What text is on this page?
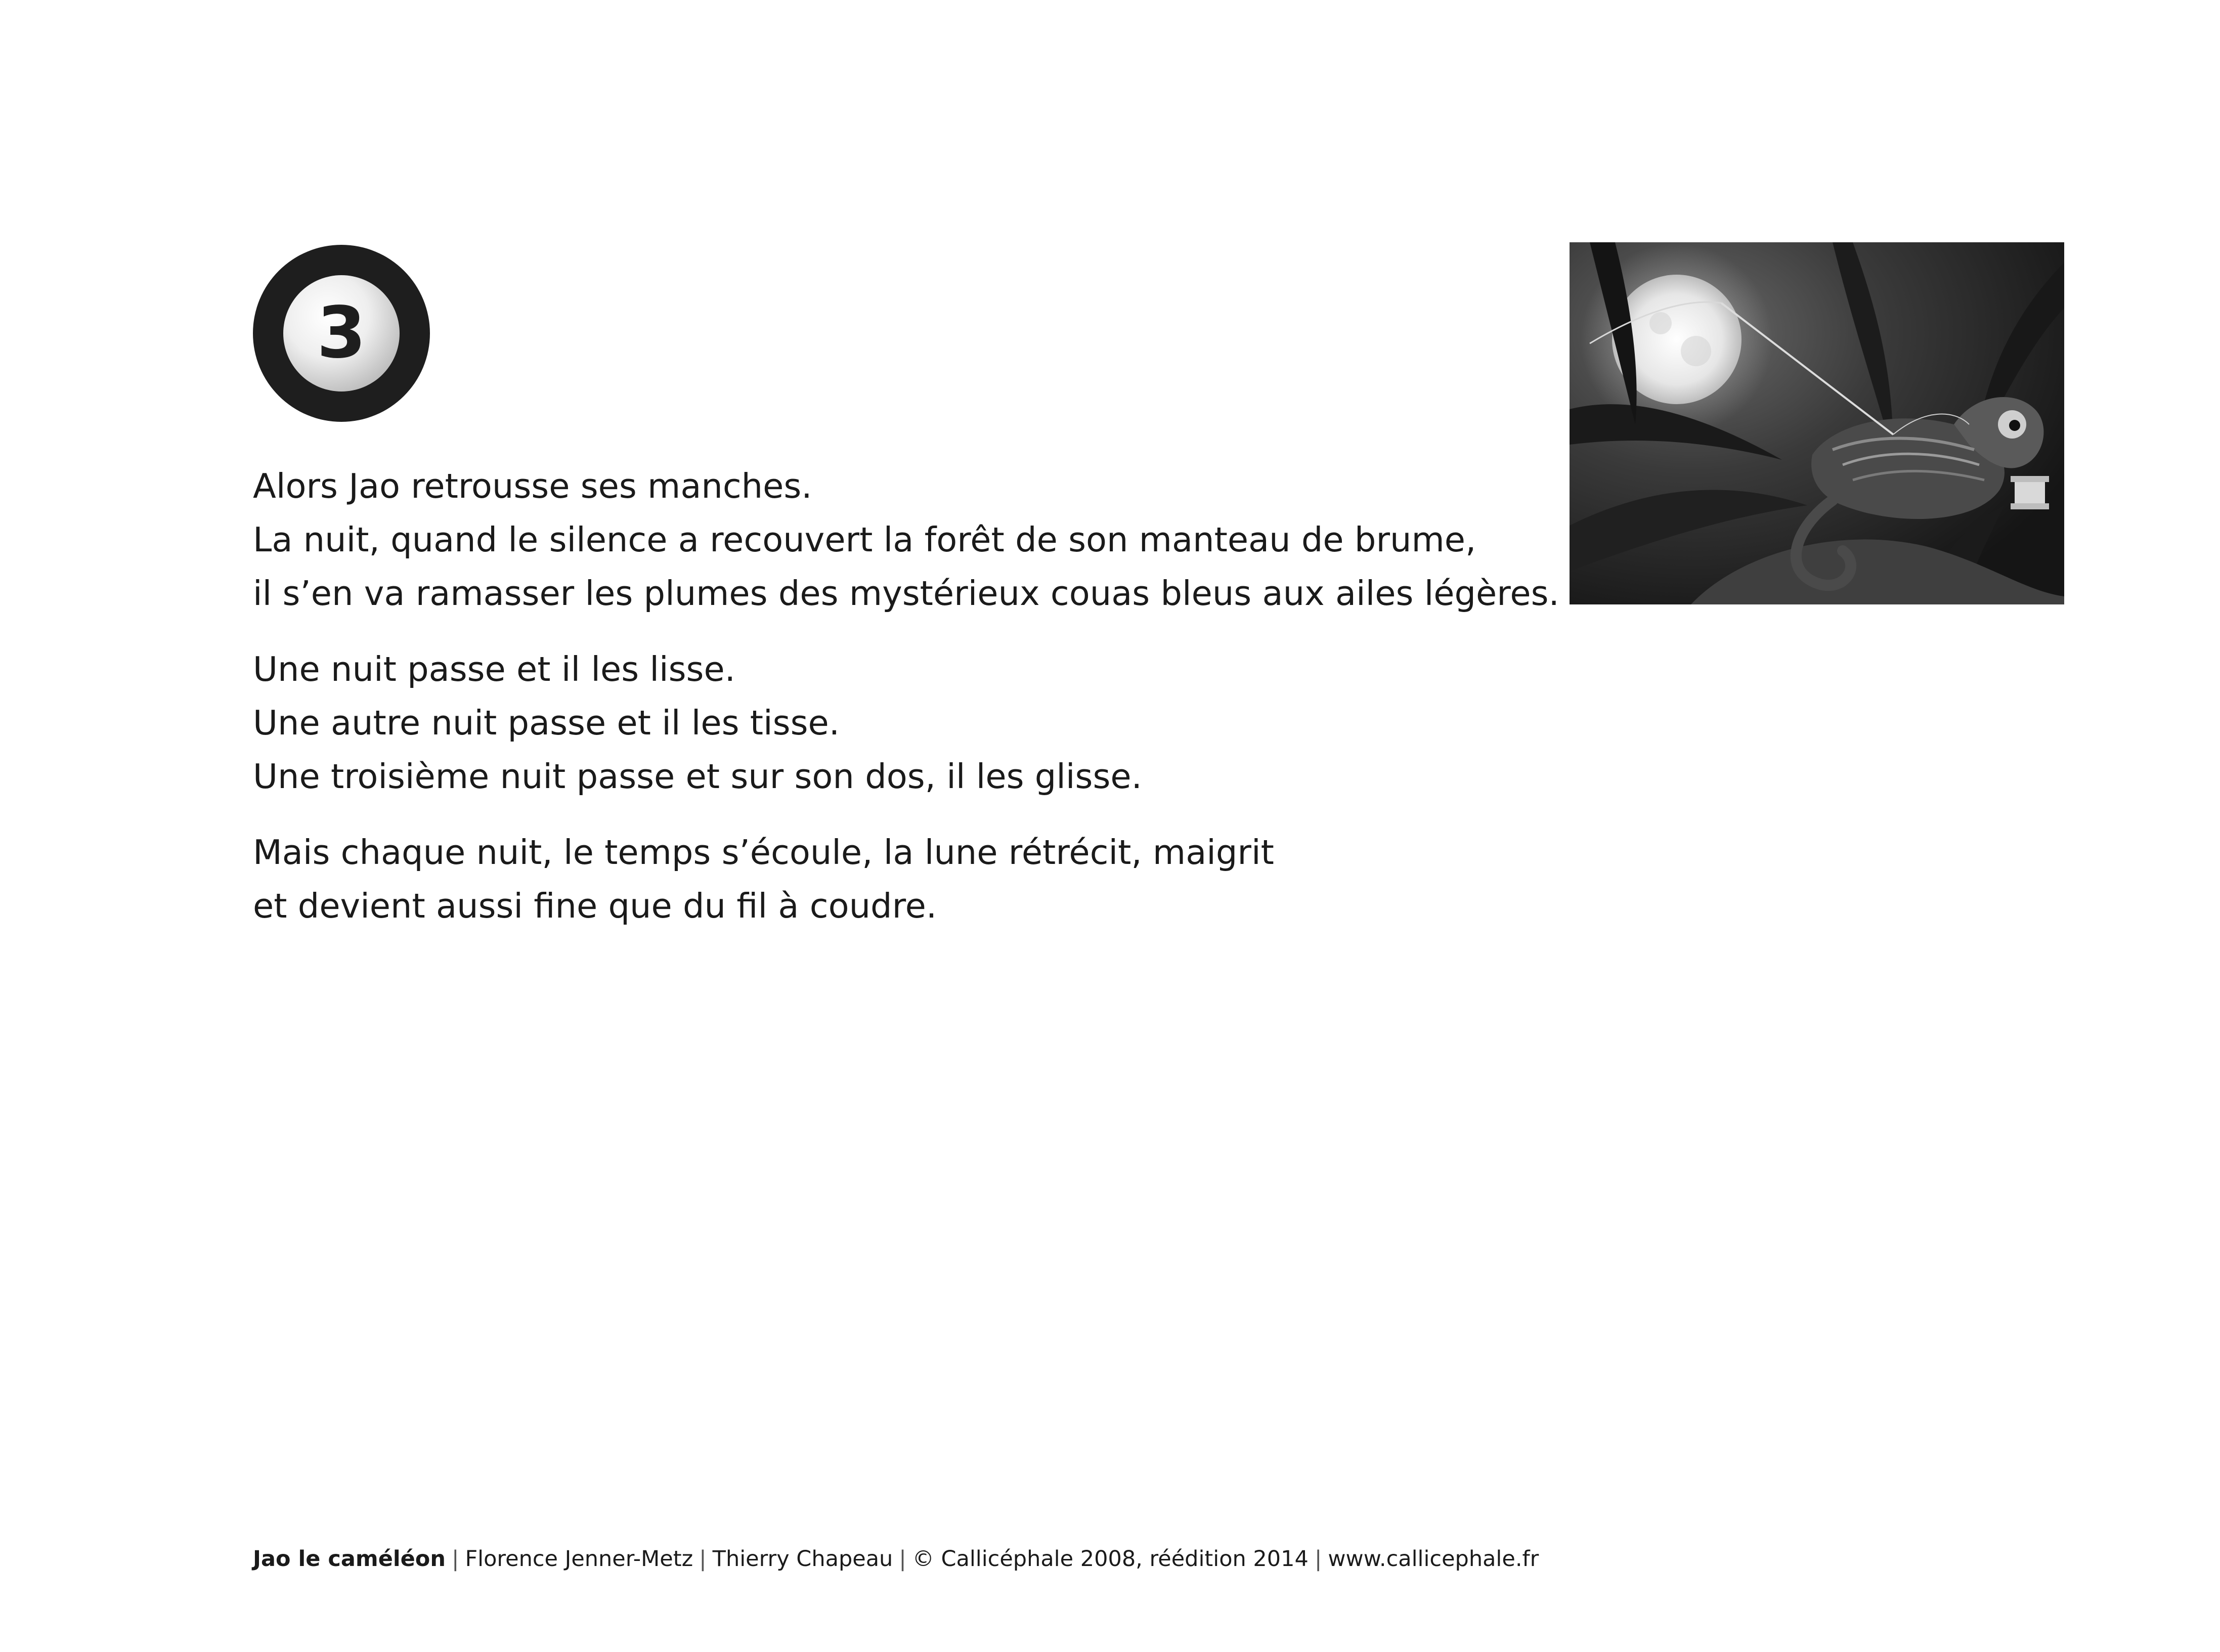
3

Alors Jao retrousse ses manches.
La nuit, quand le silence a recouvert la forêt de son manteau de brume,
il s’en va ramasser les plumes des mystérieux couas bleus aux ailes légères.

Une nuit passe et il les lisse.
Une autre nuit passe et il les tisse.
Une troisième nuit passe et sur son dos, il les glisse.

Mais chaque nuit, le temps s’écoule, la lune rétrécit, maigrit
et devient aussi fine que du fil à coudre.

Jao le caméléon | Florence Jenner-Metz | Thierry Chapeau | © Callicéphale 2008, réédition 2014 | www.callicephale.fr
